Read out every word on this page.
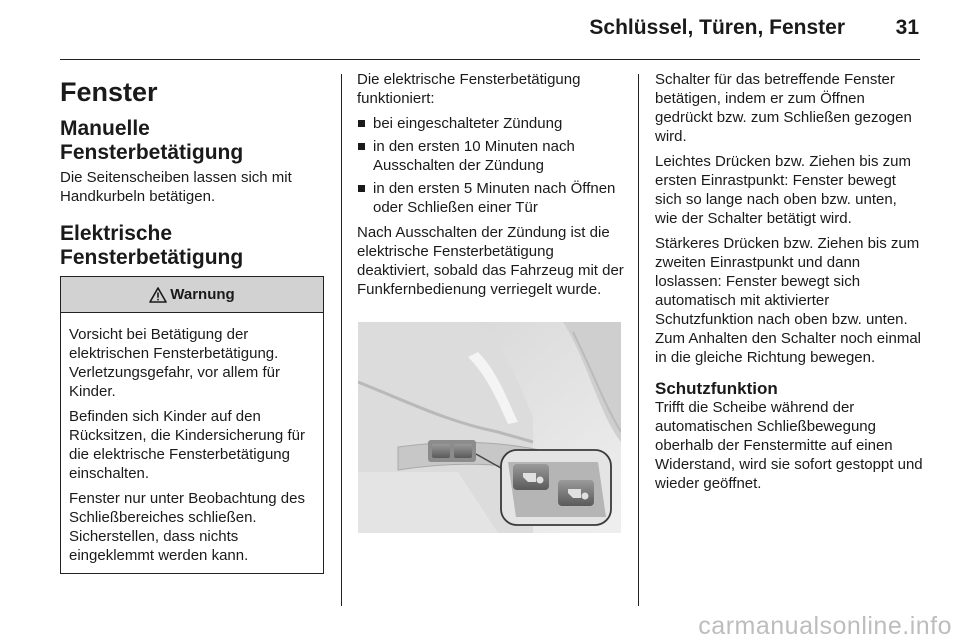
Schlüssel, Türen, Fenster 31
Fenster
Manuelle Fensterbetätigung

Die Seitenscheiben lassen sich mit Handkurbeln betätigen.

Elektrische Fensterbetätigung
Warnung

Vorsicht bei Betätigung der elektrischen Fensterbetätigung. Verletzungsgefahr, vor allem für Kinder.

Befinden sich Kinder auf den Rücksitzen, die Kindersicherung für die elektrische Fensterbetätigung einschalten.

Fenster nur unter Beobachtung des Schließbereiches schließen. Sicherstellen, dass nichts eingeklemmt werden kann.

Die elektrische Fensterbetätigung funktioniert:

bei eingeschalteter Zündung
in den ersten 10 Minuten nach Ausschalten der Zündung
in den ersten 5 Minuten nach Öffnen oder Schließen einer Tür

Nach Ausschalten der Zündung ist die elektrische Fensterbetätigung deaktiviert, sobald das Fahrzeug mit der Funkfernbedienung verriegelt wurde.

Schalter für das betreffende Fenster betätigen, indem er zum Öffnen gedrückt bzw. zum Schließen gezogen wird.

Leichtes Drücken bzw. Ziehen bis zum ersten Einrastpunkt: Fenster bewegt sich so lange nach oben bzw. unten, wie der Schalter betätigt wird.

Stärkeres Drücken bzw. Ziehen bis zum zweiten Einrastpunkt und dann loslassen: Fenster bewegt sich automatisch mit aktivierter Schutzfunktion nach oben bzw. unten. Zum Anhalten den Schalter noch einmal in die gleiche Richtung bewegen.

Schutzfunktion

Trifft die Scheibe während der automatischen Schließbewegung oberhalb der Fenstermitte auf einen Widerstand, wird sie sofort gestoppt und wieder geöffnet.

carmanualsonline.info
